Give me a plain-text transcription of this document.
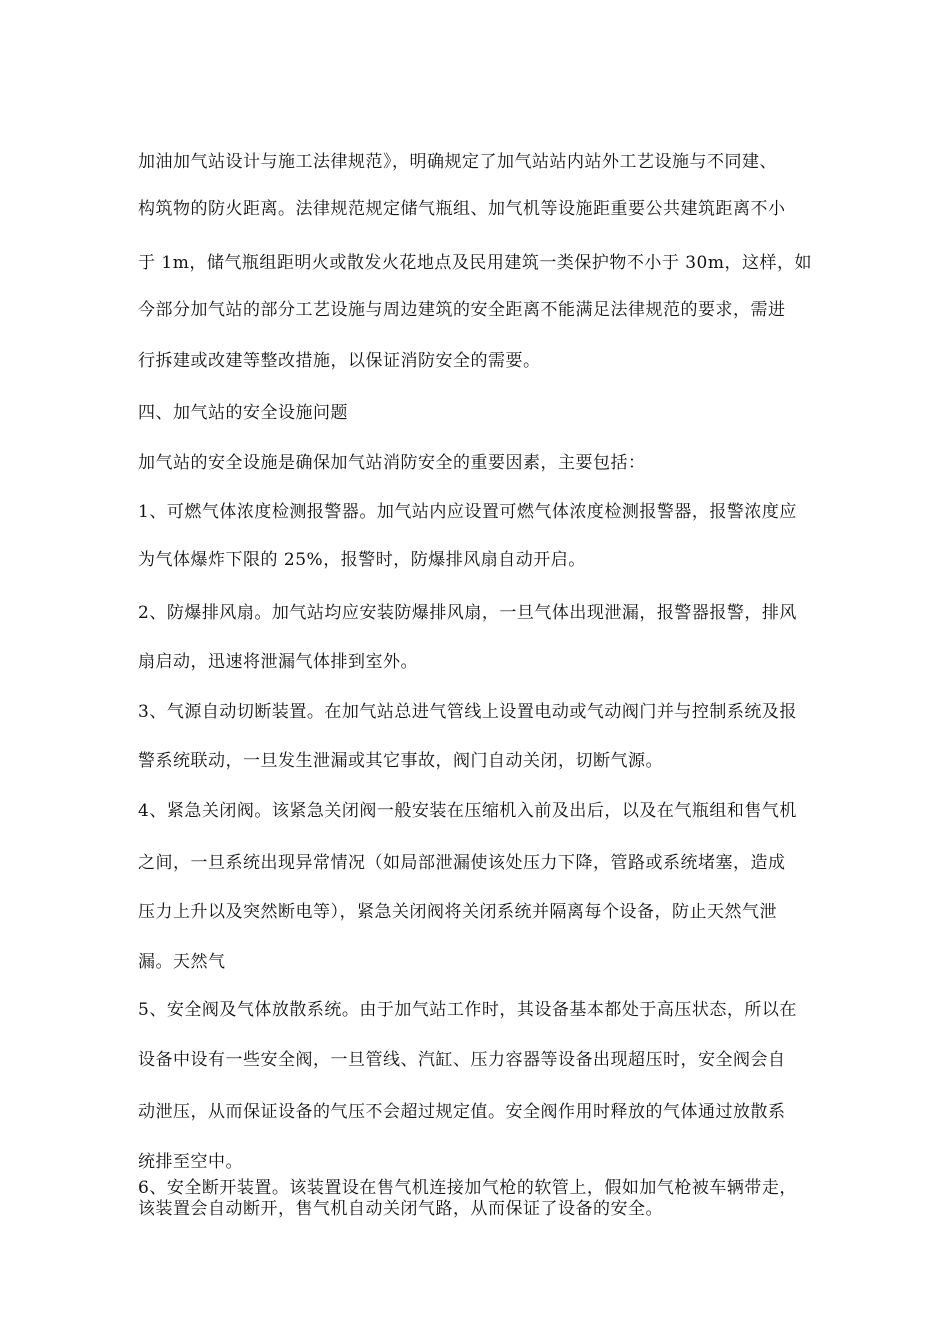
加油加气站设计与施工法律规范》，明确规定了加气站站内站外工艺设施与不同建、
构筑物的防火距离。法律规范规定储气瓶组、加气机等设施距重要公共建筑距离不小
于 1m，储气瓶组距明火或散发火花地点及民用建筑一类保护物不小于 30m，这样，如
今部分加气站的部分工艺设施与周边建筑的安全距离不能满足法律规范的要求，需进
行拆建或改建等整改措施，以保证消防安全的需要。
四、加气站的安全设施问题
加气站的安全设施是确保加气站消防安全的重要因素，主要包括：
1、可燃气体浓度检测报警器。加气站内应设置可燃气体浓度检测报警器，报警浓度应
为气体爆炸下限的 25%，报警时，防爆排风扇自动开启。
2、防爆排风扇。加气站均应安装防爆排风扇，一旦气体出现泄漏，报警器报警，排风
扇启动，迅速将泄漏气体排到室外。
3、气源自动切断装置。在加气站总进气管线上设置电动或气动阀门并与控制系统及报
警系统联动，一旦发生泄漏或其它事故，阀门自动关闭，切断气源。
4、紧急关闭阀。该紧急关闭阀一般安装在压缩机入前及出后，以及在气瓶组和售气机
之间，一旦系统出现异常情况（如局部泄漏使该处压力下降，管路或系统堵塞，造成
压力上升以及突然断电等），紧急关闭阀将关闭系统并隔离每个设备，防止天然气泄
漏。天然气
5、安全阀及气体放散系统。由于加气站工作时，其设备基本都处于高压状态，所以在
设备中设有一些安全阀，一旦管线、汽缸、压力容器等设备出现超压时，安全阀会自
动泄压，从而保证设备的气压不会超过规定值。安全阀作用时释放的气体通过放散系
统排至空中。
6、安全断开装置。该装置设在售气机连接加气枪的软管上，假如加气枪被车辆带走，
该装置会自动断开，售气机自动关闭气路，从而保证了设备的安全。
